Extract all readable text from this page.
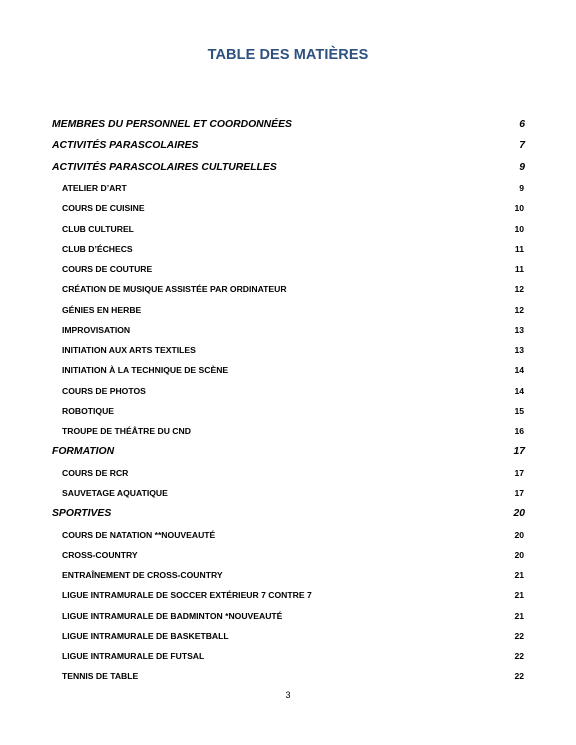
TABLE DES MATIÈRES
MEMBRES DU PERSONNEL ET COORDONNÉES	6
ACTIVITÉS PARASCOLAIRES	7
ACTIVITÉS PARASCOLAIRES CULTURELLES	9
ATELIER D’ART	9
COURS DE CUISINE	10
CLUB CULTUREL	10
CLUB D’ÉCHECS	11
COURS DE COUTURE	11
CRÉATION DE MUSIQUE ASSISTÉE PAR ORDINATEUR	12
GÉNIES EN HERBE	12
IMPROVISATION	13
INITIATION AUX ARTS TEXTILES	13
INITIATION À LA TECHNIQUE DE SCÈNE	14
COURS DE PHOTOS	14
ROBOTIQUE	15
TROUPE DE THÉÂTRE DU CND	16
FORMATION	17
COURS DE RCR	17
SAUVETAGE AQUATIQUE	17
SPORTIVES	20
COURS DE NATATION **NOUVEAUTÉ	20
CROSS-COUNTRY	20
ENTRAÎNEMENT DE CROSS-COUNTRY	21
LIGUE INTRAMURALE DE SOCCER EXTÉRIEUR 7 CONTRE 7	21
LIGUE INTRAMURALE DE BADMINTON *NOUVEAUTÉ	21
LIGUE INTRAMURALE DE BASKETBALL	22
LIGUE INTRAMURALE DE FUTSAL	22
TENNIS DE TABLE	22
3
